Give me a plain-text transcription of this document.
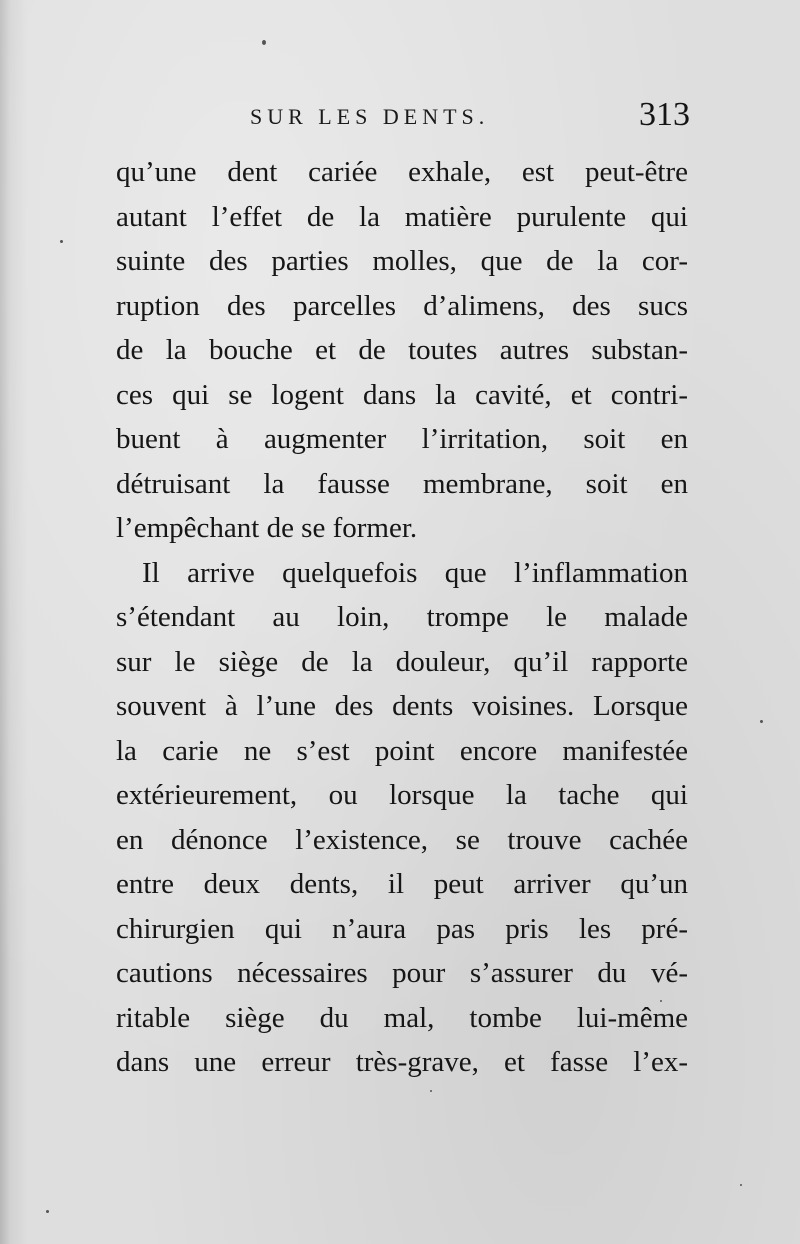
SUR LES DENTS.	313
qu’une dent cariée exhale, est peut-être
autant l’effet de la matière purulente qui
suinte des parties molles, que de la cor-
ruption des parcelles d’alimens, des sucs
de la bouche et de toutes autres substan-
ces qui se logent dans la cavité, et contri-
buent à augmenter l’irritation, soit en
détruisant la fausse membrane, soit en
l’empêchant de se former.
Il arrive quelquefois que l’inflammation
s’étendant au loin, trompe le malade
sur le siège de la douleur, qu’il rapporte
souvent à l’une des dents voisines. Lorsque
la carie ne s’est point encore manifestée
extérieurement, ou lorsque la tache qui
en dénonce l’existence, se trouve cachée
entre deux dents, il peut arriver qu’un
chirurgien qui n’aura pas pris les pré-
cautions nécessaires pour s’assurer du vé-
ritable siège du mal, tombe lui-même
dans une erreur très-grave, et fasse l’ex-
